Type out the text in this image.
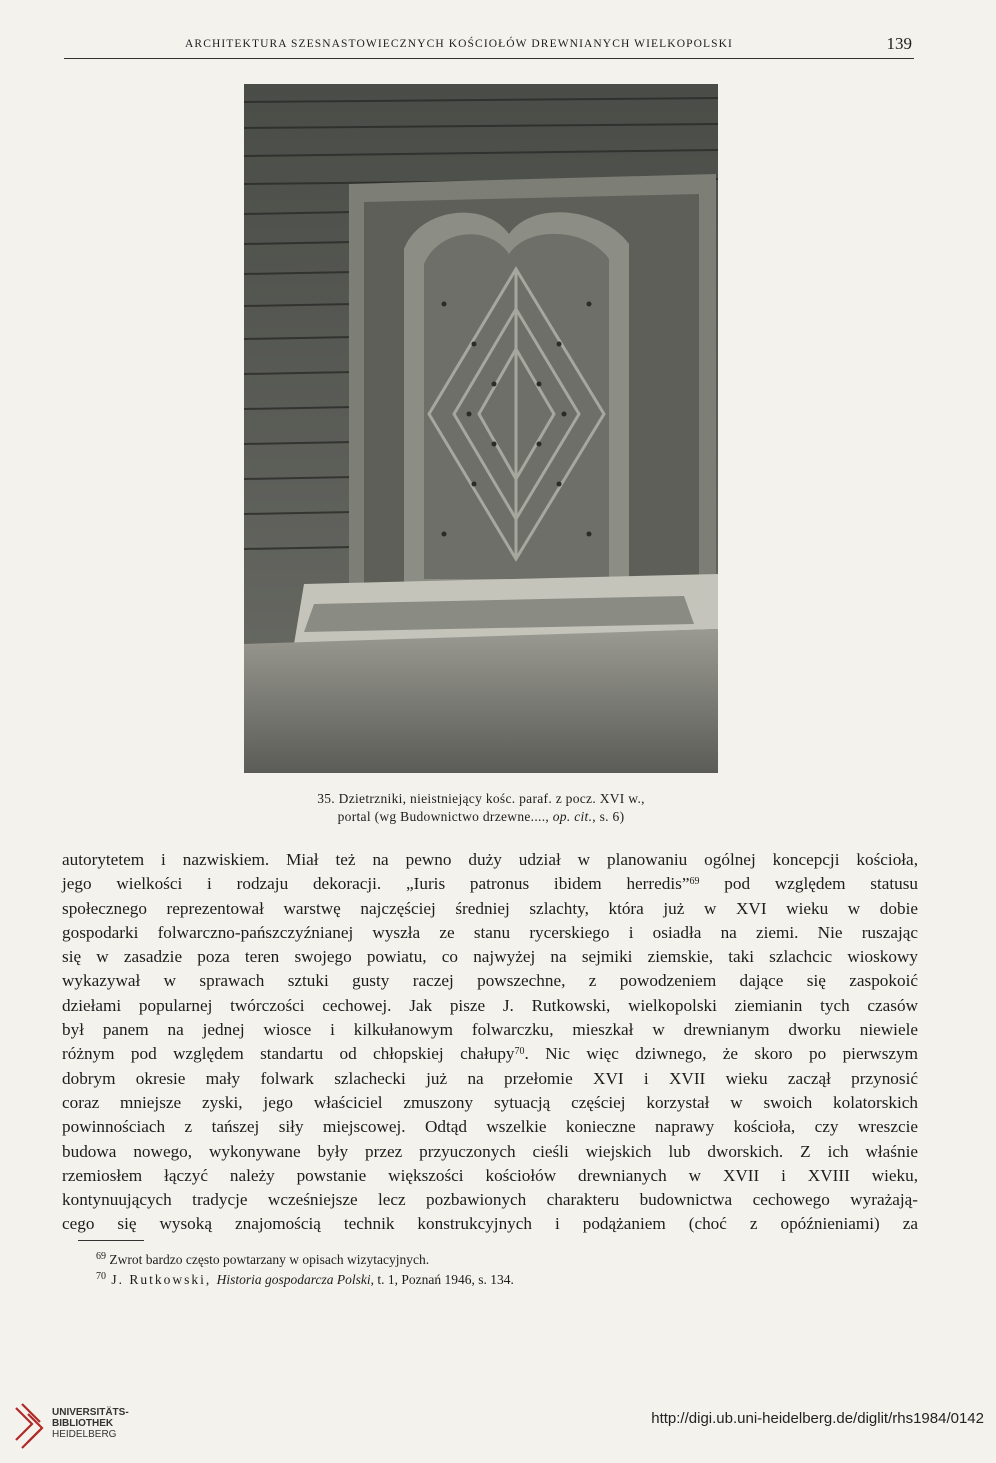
ARCHITEKTURA SZESNASTOWIECZNYCH KOŚCIOŁÓW DREWNIANYCH WIELKOPOLSKI	139
35. Dzietrzniki, nieistniejący kośc. paraf. z pocz. XVI w.,
portal (wg Budownictwo drzewne...., op. cit., s. 6)
autorytetem i nazwiskiem. Miał też na pewno duży udział w planowaniu ogólnej koncepcji kościoła,
jego wielkości i rodzaju dekoracji. „Iuris patronus ibidem herredis”$^{69}$ pod względem statusu
społecznego reprezentował warstwę najczęściej średniej szlachty, która już w XVI wieku w dobie
gospodarki folwarczno-pańszczyźnianej wyszła ze stanu rycerskiego i osiadła na ziemi. Nie ruszając
się w zasadzie poza teren swojego powiatu, co najwyżej na sejmiki ziemskie, taki szlachcic wioskowy
wykazywał w sprawach sztuki gusty raczej powszechne, z powodzeniem dające się zaspokoić
dziełami popularnej twórczości cechowej. Jak pisze J. Rutkowski, wielkopolski ziemianin tych czasów
był panem na jednej wiosce i kilkułanowym folwarczku, mieszkał w drewnianym dworku niewiele
różnym pod względem standartu od chłopskiej chałupy$^{70}$. Nic więc dziwnego, że skoro po pierwszym
dobrym okresie mały folwark szlachecki już na przełomie XVI i XVII wieku zaczął przynosić
coraz mniejsze zyski, jego właściciel zmuszony sytuacją częściej korzystał w swoich kolatorskich
powinnościach z tańszej siły miejscowej. Odtąd wszelkie konieczne naprawy kościoła, czy wreszcie
budowa nowego, wykonywane były przez przyuczonych cieśli wiejskich lub dworskich. Z ich właśnie
rzemiosłem łączyć należy powstanie większości kościołów drewnianych w XVII i XVIII wieku,
kontynuujących tradycje wcześniejsze lecz pozbawionych charakteru budownictwa cechowego wyrażają-
cego się wysoką znajomością technik konstrukcyjnych i podążaniem (choć z opóźnieniami) za
$^{69}$ Zwrot bardzo często powtarzany w opisach wizytacyjnych.
$^{70}$ J. Rutkowski, Historia gospodarcza Polski, t. 1, Poznań 1946, s. 134.
UNIVERSITÄTS-
BIBLIOTHEK
HEIDELBERG
http://digi.ub.uni-heidelberg.de/diglit/rhs1984/0142
